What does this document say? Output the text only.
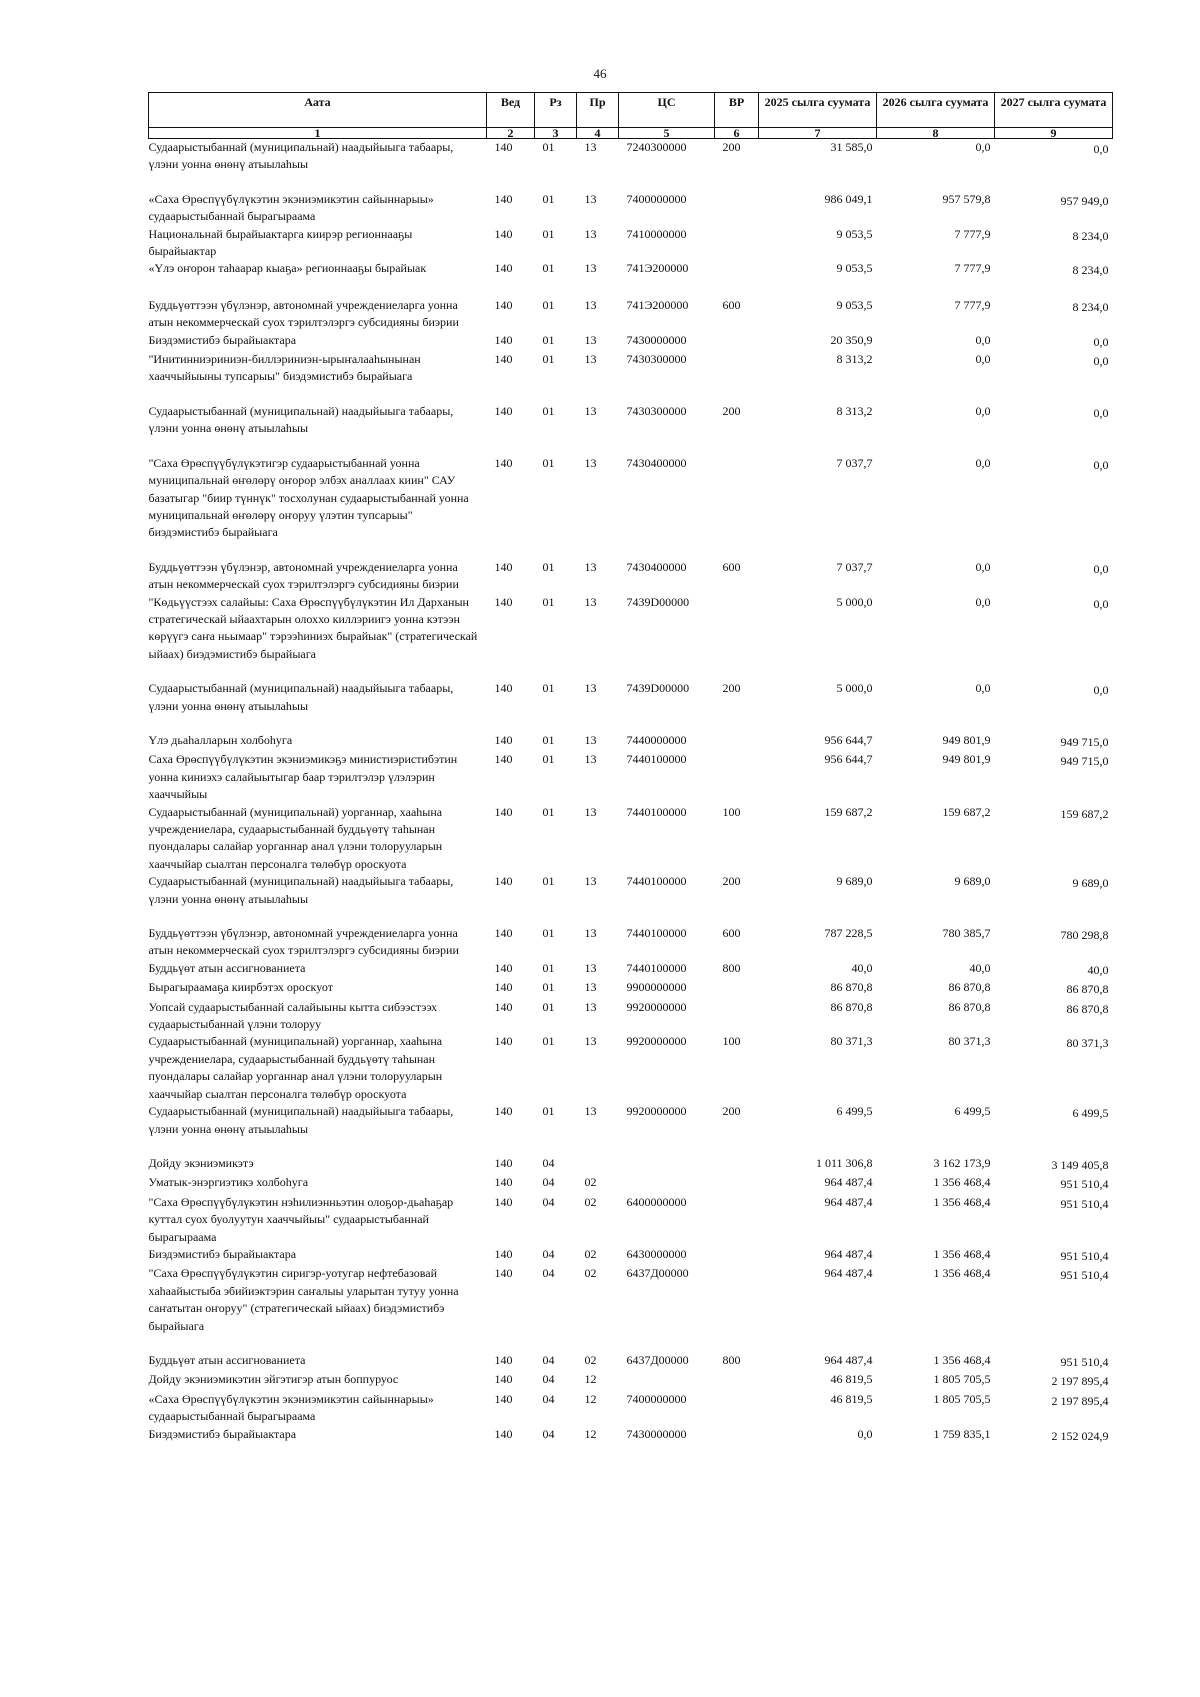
46
Аата	Вед	Рз	Пр	ЦС	ВР	2025 сылга суумата	2026 сылга суумата	2027 сылга суумата
1	2	3	4	5	6	7	8	9
Судаарыстыбаннай (муниципальнай) наадыйыыга табаары, үлэни уонна өнөнү атыылаһыы	140	01	13	7240300000	200	31 585,0	0,0	0,0
«Саха Өрөспүүбүлүкэтин экэниэмикэтин сайыннарыы» судаарыстыбаннай бырагыраама	140	01	13	7400000000		986 049,1	957 579,8	957 949,0
Национальнай бырайыактарга киирэр регионнааҕы бырайыактар	140	01	13	7410000000		9 053,5	7 777,9	8 234,0
«Үлэ оҥорон таһаарар кыаҕа» регионнааҕы бырайыак	140	01	13	741Э200000		9 053,5	7 777,9	8 234,0
Буддьүөттээн үбүлэнэр, автономнай учреждениеларга уонна атын некоммерческай суох тэрилтэлэргэ субсидияны биэрии	140	01	13	741Э200000	600	9 053,5	7 777,9	8 234,0
Биэдэмистибэ бырайыактара	140	01	13	7430000000		20 350,9	0,0	0,0
"Инитинниэриниэн-биллэриниэн-ырыҥалааһынынан хааччыйыыны тупсарыы" биэдэмистибэ бырайыага	140	01	13	7430300000		8 313,2	0,0	0,0
Судаарыстыбаннай (муниципальнай) наадыйыыга табаары, үлэни уонна өнөнү атыылаһыы	140	01	13	7430300000	200	8 313,2	0,0	0,0
"Саха Өрөспүүбүлүкэтигэр судаарыстыбаннай уонна муниципальнай өҥөлөрү оҥорор элбэх аналлаах киин" САУ базатыгар "биир түннүк" тосхолунан судаарыстыбаннай уонна муниципальнай өҥөлөрү оҥоруу үлэтин тупсарыы" биэдэмистибэ бырайыага	140	01	13	7430400000		7 037,7	0,0	0,0
Буддьүөттээн үбүлэнэр, автономнай учреждениеларга уонна атын некоммерческай суох тэрилтэлэргэ субсидияны биэрии	140	01	13	7430400000	600	7 037,7	0,0	0,0
"Көдьүүстээх салайыы: Саха Өрөспүүбүлүкэтин Ил Дарханын стратегическай ыйаахтарын олоххо киллэриигэ уонна кэтээн көрүүгэ саҥа ньымаар" тэрээһиниэх бырайыак" (стратегическай ыйаах) биэдэмистибэ бырайыага	140	01	13	7439D00000		5 000,0	0,0	0,0
Судаарыстыбаннай (муниципальнай) наадыйыыга табаары, үлэни уонна өнөнү атыылаһыы	140	01	13	7439D00000	200	5 000,0	0,0	0,0
Үлэ дьаһалларын холбоһуга	140	01	13	7440000000		956 644,7	949 801,9	949 715,0
Саха Өрөспүүбүлүкэтин экэниэмикэҕэ министиэристибэтин уонна киниэхэ салайыытыгар баар тэрилтэлэр үлэлэрин хааччыйыы	140	01	13	7440100000		956 644,7	949 801,9	949 715,0
Судаарыстыбаннай (муниципальнай) уорганнар, хааһына учреждениелара, судаарыстыбаннай буддьүөтү таһынан пуондалары салайар уорганнар анал үлэни толорууларын хааччыйар сыалтан персоналга төлөбүр ороскуота	140	01	13	7440100000	100	159 687,2	159 687,2	159 687,2
Судаарыстыбаннай (муниципальнай) наадыйыыга табаары, үлэни уонна өнөнү атыылаһыы	140	01	13	7440100000	200	9 689,0	9 689,0	9 689,0
Буддьүөттээн үбүлэнэр, автономнай учреждениеларга уонна атын некоммерческай суох тэрилтэлэргэ субсидияны биэрии	140	01	13	7440100000	600	787 228,5	780 385,7	780 298,8
Буддьүөт атын ассигнованиета	140	01	13	7440100000	800	40,0	40,0	40,0
Бырагыраамаҕа киирбэтэх ороскуот	140	01	13	9900000000		86 870,8	86 870,8	86 870,8
Уопсай судаарыстыбаннай салайыыны кытта сибээстээх судаарыстыбаннай үлэни толоруу	140	01	13	9920000000		86 870,8	86 870,8	86 870,8
Судаарыстыбаннай (муниципальнай) уорганнар, хааһына учреждениелара, судаарыстыбаннай буддьүөтү таһынан пуондалары салайар уорганнар анал үлэни толорууларын хааччыйар сыалтан персоналга төлөбүр ороскуота	140	01	13	9920000000	100	80 371,3	80 371,3	80 371,3
Судаарыстыбаннай (муниципальнай) наадыйыыга табаары, үлэни уонна өнөнү атыылаһыы	140	01	13	9920000000	200	6 499,5	6 499,5	6 499,5
Дойду экэниэмикэтэ	140	04				1 011 306,8	3 162 173,9	3 149 405,8
Уматык-энэргиэтикэ холбоһуга	140	04	02			964 487,4	1 356 468,4	951 510,4
"Саха Өрөспүүбүлүкэтин нэһилиэнньэтин олоҕор-дьаһаҕар куттал суох буолуутун хааччыйыы" судаарыстыбаннай бырагыраама	140	04	02	6400000000		964 487,4	1 356 468,4	951 510,4
Биэдэмистибэ бырайыактара	140	04	02	6430000000		964 487,4	1 356 468,4	951 510,4
"Саха Өрөспүүбүлүкэтин сиригэр-уотугар нефтебазовай хаһаайыстыба эбийиэктэрин саҥалыы уларытан тутуу уонна саҥатытан оҥоруу" (стратегическай ыйаах) биэдэмистибэ бырайыага	140	04	02	6437Д00000		964 487,4	1 356 468,4	951 510,4
Буддьүөт атын ассигнованиета	140	04	02	6437Д00000	800	964 487,4	1 356 468,4	951 510,4
Дойду экэниэмикэтин эйгэтигэр атын боппуруос	140	04	12			46 819,5	1 805 705,5	2 197 895,4
«Саха Өрөспүүбүлүкэтин экэниэмикэтин сайыннарыы» судаарыстыбаннай бырагыраама	140	04	12	7400000000		46 819,5	1 805 705,5	2 197 895,4
Биэдэмистибэ бырайыактара	140	04	12	7430000000		0,0	1 759 835,1	2 152 024,9
